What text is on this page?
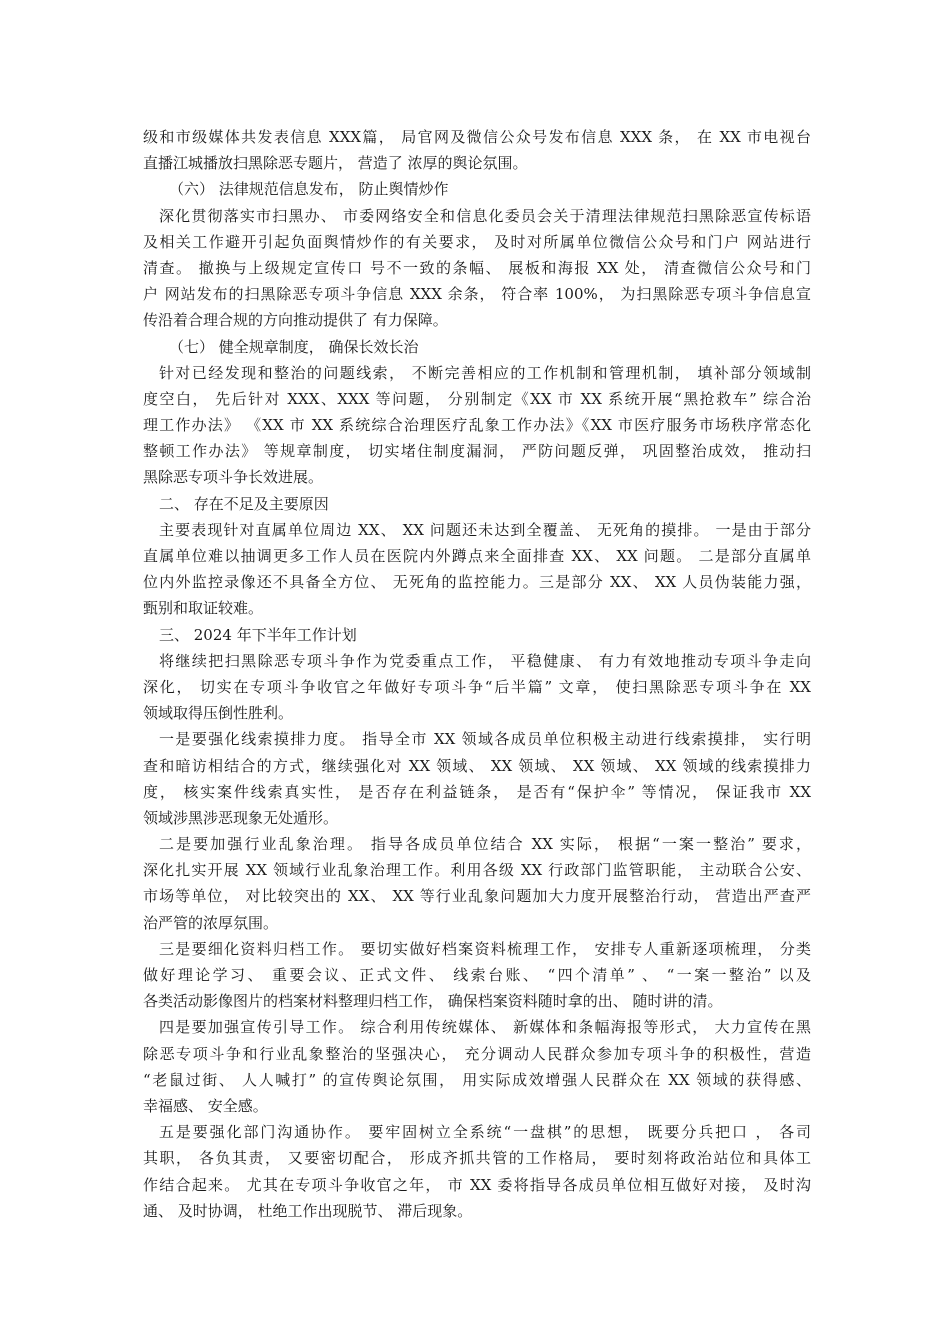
级和市级媒体共发表信息 XXX篇， 局官网及微信公众号发布信息 XXX 条， 在 XX 市电视台
直播江城播放扫黑除恶专题片， 营造了 浓厚的舆论氛围。
（六） 法律规范信息发布， 防止舆情炒作
深化贯彻落实市扫黑办、 市委网络安全和信息化委员会关于清理法律规范扫黑除恶宣传标语
及相关工作避开引起负面舆情炒作的有关要求， 及时对所属单位微信公众号和门户 网站进行
清查。 撤换与上级规定宣传口 号不一致的条幅、 展板和海报 XX 处， 清查微信公众号和门
户 网站发布的扫黑除恶专项斗争信息 XXX 余条， 符合率 100%， 为扫黑除恶专项斗争信息宣
传沿着合理合规的方向推动提供了 有力保障。
（七） 健全规章制度， 确保长效长治
针对已经发现和整治的问题线索， 不断完善相应的工作机制和管理机制， 填补部分领域制
度空白， 先后针对 XXX、XXX 等问题， 分别制定《XX 市 XX 系统开展“黑抢救车” 综合治
理工作办法》 《XX 市 XX 系统综合治理医疗乱象工作办法》《XX 市医疗服务市场秩序常态化
整顿工作办法》 等规章制度， 切实堵住制度漏洞， 严防问题反弹， 巩固整治成效， 推动扫
黑除恶专项斗争长效进展。
二、 存在不足及主要原因
主要表现针对直属单位周边 XX、 XX 问题还未达到全覆盖、 无死角的摸排。 一是由于部分
直属单位难以抽调更多工作人员在医院内外蹲点来全面排查 XX、 XX 问题。 二是部分直属单
位内外监控录像还不具备全方位、 无死角的监控能力。三是部分 XX、 XX 人员伪装能力强，
甄别和取证较难。
三、 2024 年下半年工作计划
将继续把扫黑除恶专项斗争作为党委重点工作， 平稳健康、 有力有效地推动专项斗争走向
深化， 切实在专项斗争收官之年做好专项斗争“后半篇” 文章， 使扫黑除恶专项斗争在 XX
领域取得压倒性胜利。
一是要强化线索摸排力度。 指导全市 XX 领域各成员单位积极主动进行线索摸排， 实行明
查和暗访相结合的方式，继续强化对 XX 领域、 XX 领域、 XX 领域、 XX 领域的线索摸排力
度， 核实案件线索真实性， 是否存在利益链条， 是否有“保护伞” 等情况， 保证我市 XX
领域涉黑涉恶现象无处遁形。
二是要加强行业乱象治理。 指导各成员单位结合 XX 实际， 根据“一案一整治” 要求，
深化扎实开展 XX 领域行业乱象治理工作。利用各级 XX 行政部门监管职能， 主动联合公安、
市场等单位， 对比较突出的 XX、 XX 等行业乱象问题加大力度开展整治行动， 营造出严查严
治严管的浓厚氛围。
三是要细化资料归档工作。 要切实做好档案资料梳理工作， 安排专人重新逐项梳理， 分类
做好理论学习、 重要会议、正式文件、 线索台账、 “四个清单” 、 “一案一整治” 以及
各类活动影像图片的档案材料整理归档工作， 确保档案资料随时拿的出、 随时讲的清。
四是要加强宣传引导工作。 综合利用传统媒体、 新媒体和条幅海报等形式， 大力宣传在黑
除恶专项斗争和行业乱象整治的坚强决心， 充分调动人民群众参加专项斗争的积极性，营造
“老鼠过街、 人人喊打” 的宣传舆论氛围， 用实际成效增强人民群众在 XX 领域的获得感、
幸福感、 安全感。
五是要强化部门沟通协作。 要牢固树立全系统“一盘棋”的思想， 既要分兵把口 ， 各司
其职， 各负其责， 又要密切配合， 形成齐抓共管的工作格局， 要时刻将政治站位和具体工
作结合起来。 尤其在专项斗争收官之年， 市 XX 委将指导各成员单位相互做好对接， 及时沟
通、 及时协调， 杜绝工作出现脱节、 滞后现象。
